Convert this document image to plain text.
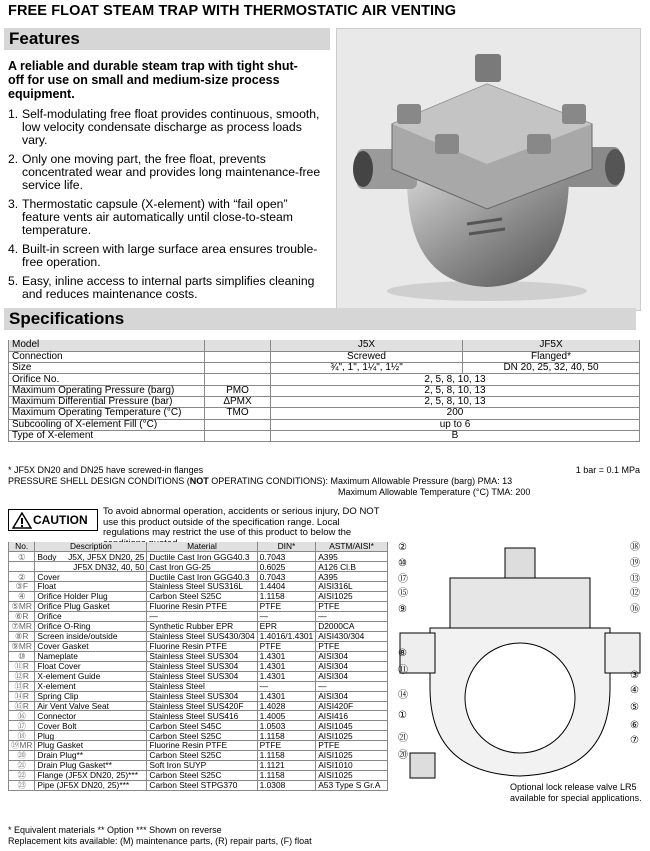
FREE FLOAT STEAM TRAP WITH THERMOSTATIC AIR VENTING
Features
A reliable and durable steam trap with tight shut-off for use on small and medium-size process equipment.
1. Self-modulating free float provides continuous, smooth, low velocity condensate discharge as process loads vary.
2. Only one moving part, the free float, prevents concentrated wear and provides long maintenance-free service life.
3. Thermostatic capsule (X-element) with “fail open” feature vents air automatically until close-to-steam temperature.
4. Built-in screen with large surface area ensures trouble-free operation.
5. Easy, inline access to internal parts simplifies cleaning and reduces maintenance costs.
Specifications
Model		J5X	JF5X
Connection		Screwed	Flanged*
Size		¾", 1", 1¼", 1½"	DN 20, 25, 32, 40, 50
Orifice No.		2, 5, 8, 10, 13	
Maximum Operating Pressure (barg)	PMO	2, 5, 8, 10, 13	
Maximum Differential Pressure (bar)	ΔPMX	2, 5, 8, 10, 13	
Maximum Operating Temperature (°C)	TMO	200	
Subcooling of X-element Fill (°C)		up to 6	
Type of X-element		B	
* JF5X DN20 and DN25 have screwed-in flanges	1 bar = 0.1 MPa
PRESSURE SHELL DESIGN CONDITIONS (NOT OPERATING CONDITIONS): Maximum Allowable Pressure (barg) PMA: 13
Maximum Allowable Temperature (°C) TMA: 200
CAUTION
To avoid abnormal operation, accidents or serious injury, DO NOT use this product outside of the specification range. Local regulations may restrict the use of this product to below the
No.	Description	Material	DIN*	ASTM/AISI*
①	Body J5X, JF5X DN20, 25	Ductile Cast Iron GGG40.3	0.7043	A395

	JF5X DN32, 40, 50	Cast Iron GG-25	0.6025	A126 Cl.B
②	Cover	Ductile Cast Iron GGG40.3	0.7043	A395
③F	Float	Stainless Steel SUS316L	1.4404	AISI316L
④	Orifice Holder Plug	Carbon Steel S25C	1.1158	AISI1025
⑤MR	Orifice Plug Gasket	Fluorine Resin PTFE	PTFE	PTFE
⑥R	Orifice	—	—	—
⑦MR	Orifice O-Ring	Synthetic Rubber EPR	EPR	D2000CA
⑧R	Screen inside/outside	Stainless Steel SUS430/304	1.4016/1.4301	AISI430/304
⑨MR	Cover Gasket	Fluorine Resin PTFE	PTFE	PTFE
⑩	Nameplate	Stainless Steel SUS304	1.4301	AISI304
⑪R	Float Cover	Stainless Steel SUS304	1.4301	AISI304
⑫R	X-element Guide	Stainless Steel SUS304	1.4301	AISI304
⑬R	X-element	Stainless Steel	—	—
⑭R	Spring Clip	Stainless Steel SUS304	1.4301	AISI304
⑮R	Air Vent Valve Seat	Stainless Steel SUS420F	1.4028	AISI420F
⑯	Connector	Stainless Steel SUS416	1.4005	AISI416
⑰	Cover Bolt	Carbon Steel S45C	1.0503	AISI1045
⑱	Plug	Carbon Steel S25C	1.1158	AISI1025
⑲MR	Plug Gasket	Fluorine Resin PTFE	PTFE	PTFE
⑳	Drain Plug**	Carbon Steel S25C	1.1158	AISI1025
㉑	Drain Plug Gasket**	Soft Iron SUYP	1.1121	AISI1010
㉒	Flange (JF5X DN20, 25)***	Carbon Steel S25C	1.1158	AISI1025
㉓	Pipe (JF5X DN20, 25)***	Carbon Steel STPG370	1.0308	A53 Type S Gr.A
* Equivalent materials ** Option *** Shown on reverse
Replacement kits available: (M) maintenance parts, (R) repair parts, (F) float
②
⑩
⑰
⑮
⑨
⑧
⑪
⑭
①
㉑
⑳
⑱
⑲
⑬
⑫
⑯
③
④
⑤
⑥
⑦
Optional lock release valve LR5 available for special applications.
